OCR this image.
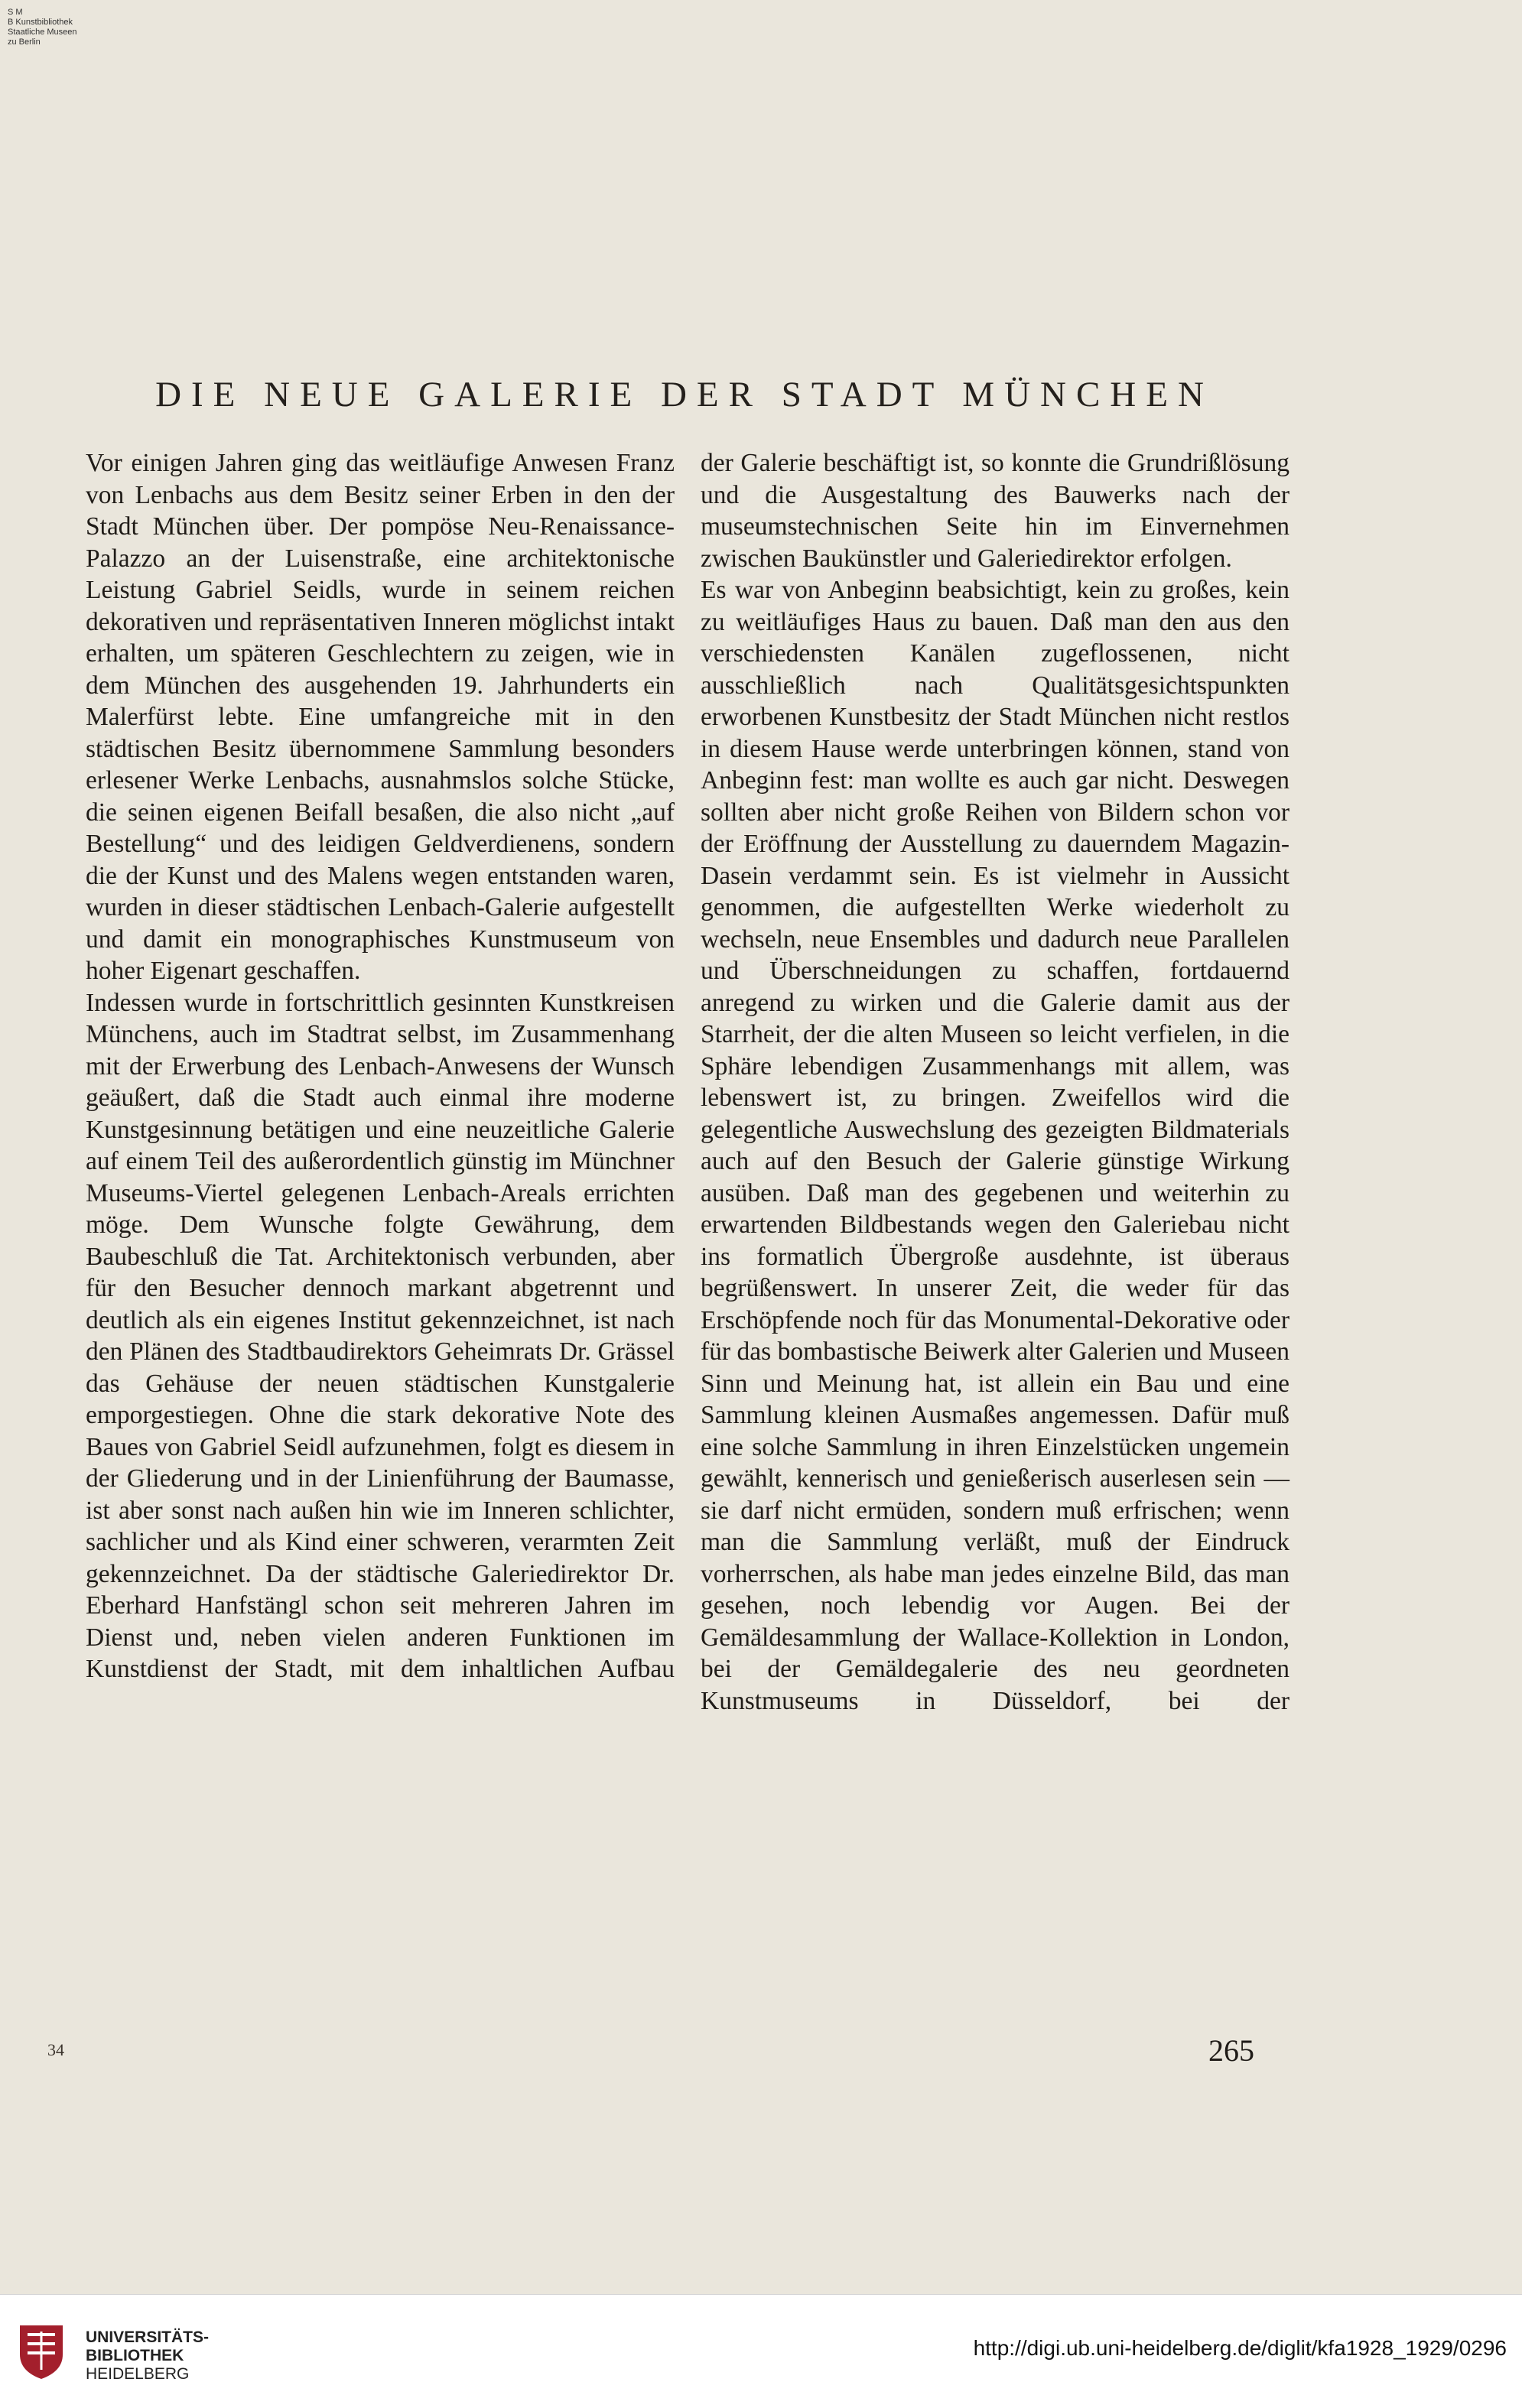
S M
B Kunstbibliothek
Staatliche Museen
zu Berlin
DIE NEUE GALERIE DER STADT MÜNCHEN

Vor einigen Jahren ging das weitläufige Anwesen Franz von Lenbachs aus dem Besitz seiner Erben in den der Stadt München über. Der pompöse Neu-Renaissance-Palazzo an der Luisenstraße, eine architektonische Leistung Gabriel Seidls, wurde in seinem reichen dekorativen und repräsentativen Inneren möglichst intakt erhalten, um späteren Geschlechtern zu zeigen, wie in dem München des ausgehenden 19. Jahrhunderts ein Malerfürst lebte. Eine umfangreiche mit in den städtischen Besitz übernommene Sammlung besonders erlesener Werke Lenbachs, ausnahmslos solche Stücke, die seinen eigenen Beifall besaßen, die also nicht „auf Bestellung“ und des leidigen Geldverdienens, sondern die der Kunst und des Malens wegen entstanden waren, wurden in dieser städtischen Lenbach-Galerie aufgestellt und damit ein monographisches Kunstmuseum von hoher Eigenart geschaffen.

Indessen wurde in fortschrittlich gesinnten Kunstkreisen Münchens, auch im Stadtrat selbst, im Zusammenhang mit der Erwerbung des Lenbach-Anwesens der Wunsch geäußert, daß die Stadt auch einmal ihre moderne Kunstgesinnung betätigen und eine neuzeitliche Galerie auf einem Teil des außerordentlich günstig im Münchner Museums-Viertel gelegenen Lenbach-Areals errichten möge. Dem Wunsche folgte Gewährung, dem Baubeschluß die Tat. Architektonisch verbunden, aber für den Besucher dennoch markant abgetrennt und deutlich als ein eigenes Institut gekennzeichnet, ist nach den Plänen des Stadtbaudirektors Geheimrats Dr. Grässel das Gehäuse der neuen städtischen Kunstgalerie emporgestiegen. Ohne die stark dekorative Note des Baues von Gabriel Seidl aufzunehmen, folgt es diesem in der Gliederung und in der Linienführung der Baumasse, ist aber sonst nach außen hin wie im Inneren schlichter, sachlicher und als Kind einer schweren, verarmten Zeit gekennzeichnet. Da der städtische Galeriedirektor Dr. Eberhard Hanfstängl schon seit mehreren Jahren im Dienst und, neben vielen anderen Funktionen im Kunstdienst der Stadt, mit dem inhaltlichen Aufbau

der Galerie beschäftigt ist, so konnte die Grundrißlösung und die Ausgestaltung des Bauwerks nach der museumstechnischen Seite hin im Einvernehmen zwischen Baukünstler und Galeriedirektor erfolgen.

Es war von Anbeginn beabsichtigt, kein zu großes, kein zu weitläufiges Haus zu bauen. Daß man den aus den verschiedensten Kanälen zugeflossenen, nicht ausschließlich nach Qualitätsgesichtspunkten erworbenen Kunstbesitz der Stadt München nicht restlos in diesem Hause werde unterbringen können, stand von Anbeginn fest: man wollte es auch gar nicht. Deswegen sollten aber nicht große Reihen von Bildern schon vor der Eröffnung der Ausstellung zu dauerndem Magazin-Dasein verdammt sein. Es ist vielmehr in Aussicht genommen, die aufgestellten Werke wiederholt zu wechseln, neue Ensembles und dadurch neue Parallelen und Überschneidungen zu schaffen, fortdauernd anregend zu wirken und die Galerie damit aus der Starrheit, der die alten Museen so leicht verfielen, in die Sphäre lebendigen Zusammenhangs mit allem, was lebenswert ist, zu bringen. Zweifellos wird die gelegentliche Auswechslung des gezeigten Bildmaterials auch auf den Besuch der Galerie günstige Wirkung ausüben. Daß man des gegebenen und weiterhin zu erwartenden Bildbestands wegen den Galeriebau nicht ins formatlich Übergroße ausdehnte, ist überaus begrüßenswert. In unserer Zeit, die weder für das Erschöpfende noch für das Monumental-Dekorative oder für das bombastische Beiwerk alter Galerien und Museen Sinn und Meinung hat, ist allein ein Bau und eine Sammlung kleinen Ausmaßes angemessen. Dafür muß eine solche Sammlung in ihren Einzelstücken ungemein gewählt, kennerisch und genießerisch auserlesen sein — sie darf nicht ermüden, sondern muß erfrischen; wenn man die Sammlung verläßt, muß der Eindruck vorherrschen, als habe man jedes einzelne Bild, das man gesehen, noch lebendig vor Augen. Bei der Gemäldesammlung der Wallace-Kollektion in London, bei der Gemäldegalerie des neu geordneten Kunstmuseums in Düsseldorf, bei der

34	265
UNIVERSITÄTS-
BIBLIOTHEK
HEIDELBERG
http://digi.ub.uni-heidelberg.de/diglit/kfa1928_1929/0296
